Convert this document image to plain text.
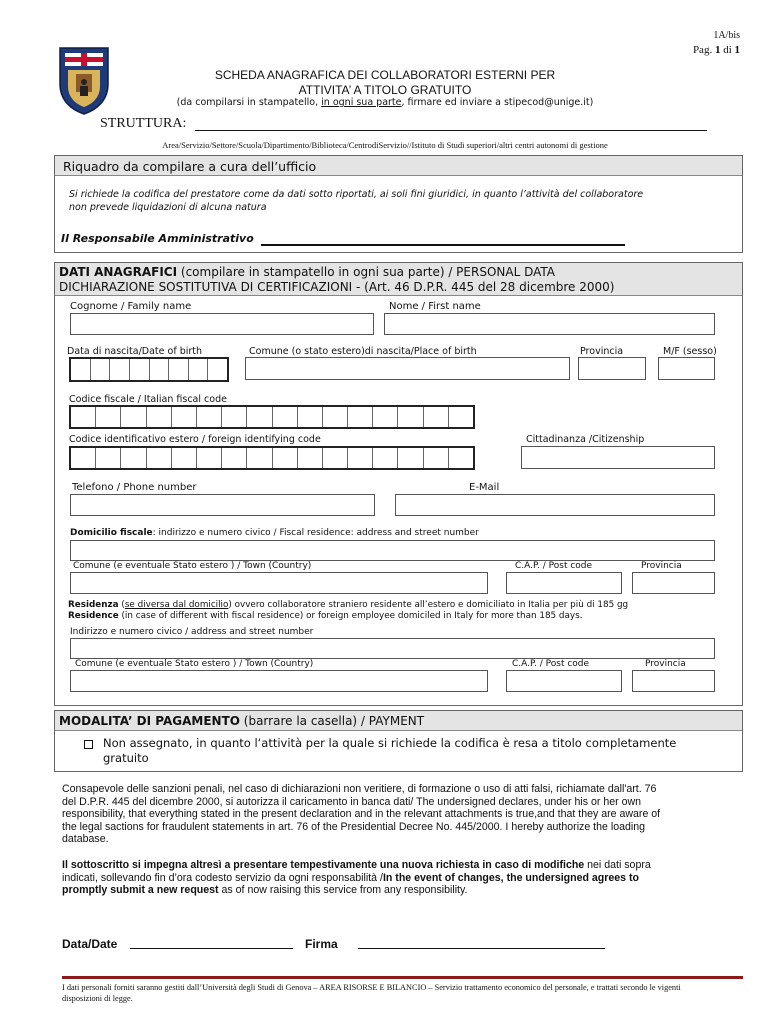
1A/bis
Pag. 1 di 1
SCHEDA ANAGRAFICA DEI COLLABORATORI ESTERNI PER
ATTIVITA’ A TITOLO GRATUITO
(da compilarsi in stampatello, in ogni sua parte, firmare ed inviare a stipecod@unige.it)
STRUTTURA:
Area/Servizio/Settore/Scuola/Dipartimento/Biblioteca/CentrodiServizio//Istituto di Studi superiori/altri centri autonomi di gestione
Riquadro da compilare a cura dell’ufficio
Si richiede la codifica del prestatore come da dati sotto riportati, ai soli fini giuridici, in quanto l’attività del collaboratore
non prevede liquidazioni di alcuna natura
Il Responsabile Amministrativo
DATI ANAGRAFICI (compilare in stampatello in ogni sua parte) / PERSONAL DATA
DICHIARAZIONE SOSTITUTIVA DI CERTIFICAZIONI - (Art. 46 D.P.R. 445 del 28 dicembre 2000)
Cognome / Family name	Nome / First name
Data di nascita/Date of birth	Comune (o stato estero)di nascita/Place of birth	Provincia	M/F (sesso)
Codice fiscale / Italian fiscal code
Codice identificativo estero / foreign identifying code	Cittadinanza /Citizenship
Telefono / Phone number	E-Mail
Domicilio fiscale: indirizzo e numero civico / Fiscal residence: address and street number
Comune (e eventuale Stato estero ) / Town (Country)	C.A.P. / Post code	Provincia
Residenza (se diversa dal domicilio) ovvero collaboratore straniero residente all’estero e domiciliato in Italia per più di 185 gg
Residence (in case of different with fiscal residence) or foreign employee domiciled in Italy for more than 185 days.
Indirizzo e numero civico / address and street number
Comune (e eventuale Stato estero ) / Town (Country)	C.A.P. / Post code	Provincia
MODALITA’ DI PAGAMENTO (barrare la casella) / PAYMENT
Non assegnato, in quanto l‘attività per la quale si richiede la codifica è resa a titolo completamente
gratuito
Consapevole delle sanzioni penali, nel caso di dichiarazioni non veritiere, di formazione o uso di atti falsi, richiamate dall'art. 76
del D.P.R. 445 del dicembre 2000, si autorizza il caricamento in banca dati/ The undersigned declares, under his or her own
responsibility, that everything stated in the present declaration and in the relevant attachments is true,and that they are aware of
the legal sactions for fraudulent statements in art. 76 of the Presidential Decree No. 445/2000. I hereby authorize the loading
database.
Il sottoscritto si impegna altresì a presentare tempestivamente una nuova richiesta in caso di modifiche nei dati sopra
indicati, sollevando fin d’ora codesto servizio da ogni responsabilità /In the event of changes, the undersigned agrees to
promptly submit a new request as of now raising this service from any responsibility.
Data/Date	Firma
I dati personali forniti saranno gestiti dall’Università degli Studi di Genova – AREA RISORSE E BILANCIO – Servizio trattamento economico del personale, e trattati secondo le vigenti
disposizioni di legge.
